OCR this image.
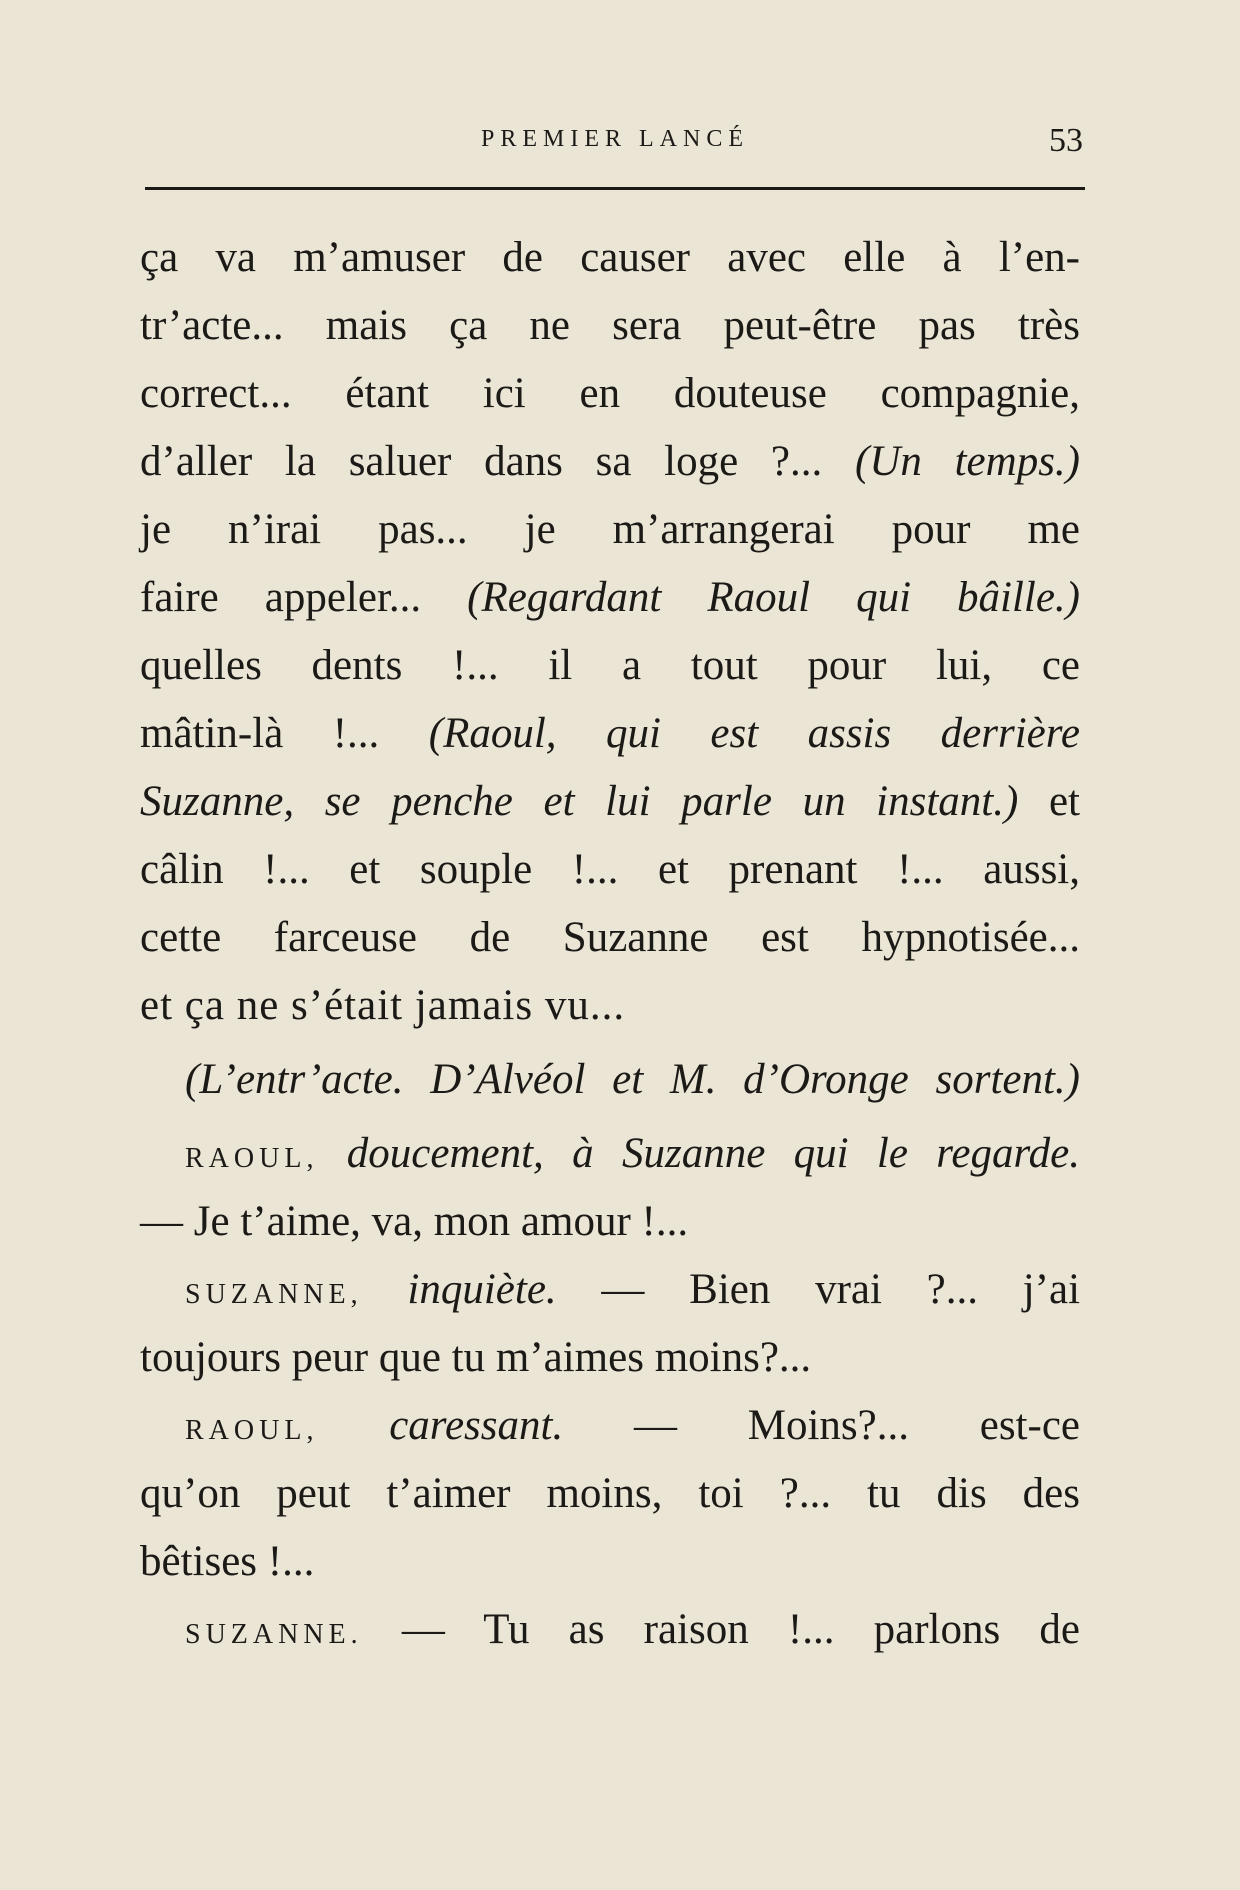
PREMIER LANCÉ	53
ça va m’amuser de causer avec elle à l’en-
tr’acte... mais ça ne sera peut-être pas très
correct... étant ici en douteuse compagnie,
d’aller la saluer dans sa loge ?... (Un temps.)
je n’irai pas... je m’arrangerai pour me
faire appeler... (Regardant Raoul qui bâille.)
quelles dents !... il a tout pour lui, ce
mâtin-là !... (Raoul, qui est assis derrière
Suzanne, se penche et lui parle un instant.) et
câlin !... et souple !... et prenant !... aussi,
cette farceuse de Suzanne est hypnotisée...
et ça ne s’était jamais vu...
(L’entr’acte. D’Alvéol et M. d’Oronge sortent.)
RAOUL, doucement, à Suzanne qui le regarde.
— Je t’aime, va, mon amour !...
SUZANNE, inquiète. — Bien vrai ?... j’ai
toujours peur que tu m’aimes moins?...
RAOUL, caressant. — Moins?... est-ce
qu’on peut t’aimer moins, toi ?... tu dis des
bêtises !...
SUZANNE. — Tu as raison !... parlons de
